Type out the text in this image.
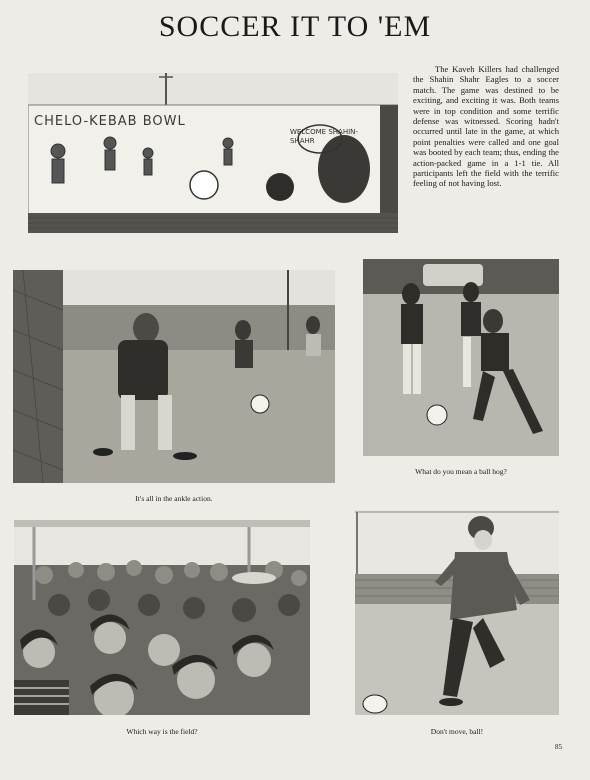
SOCCER IT TO 'EM
CHELO-KEBAB BOWL
WELCOME SHAHIN-SHAHR

The Kaveh Killers had challenged the Shahin Shahr Eagles to a soccer match. The game was destined to be exciting, and exciting it was. Both teams were in top condition and some terrific defense was witnessed. Scoring hadn't occurred until late in the game, at which point penalties were called and one goal was booted by each team; thus, ending the action-packed game in a 1-1 tie. All participants left the field with the terrific feeling of not having lost.

It's all in the ankle action.
What do you mean a ball hog?
Which way is the field?	Don't move, ball!
85
